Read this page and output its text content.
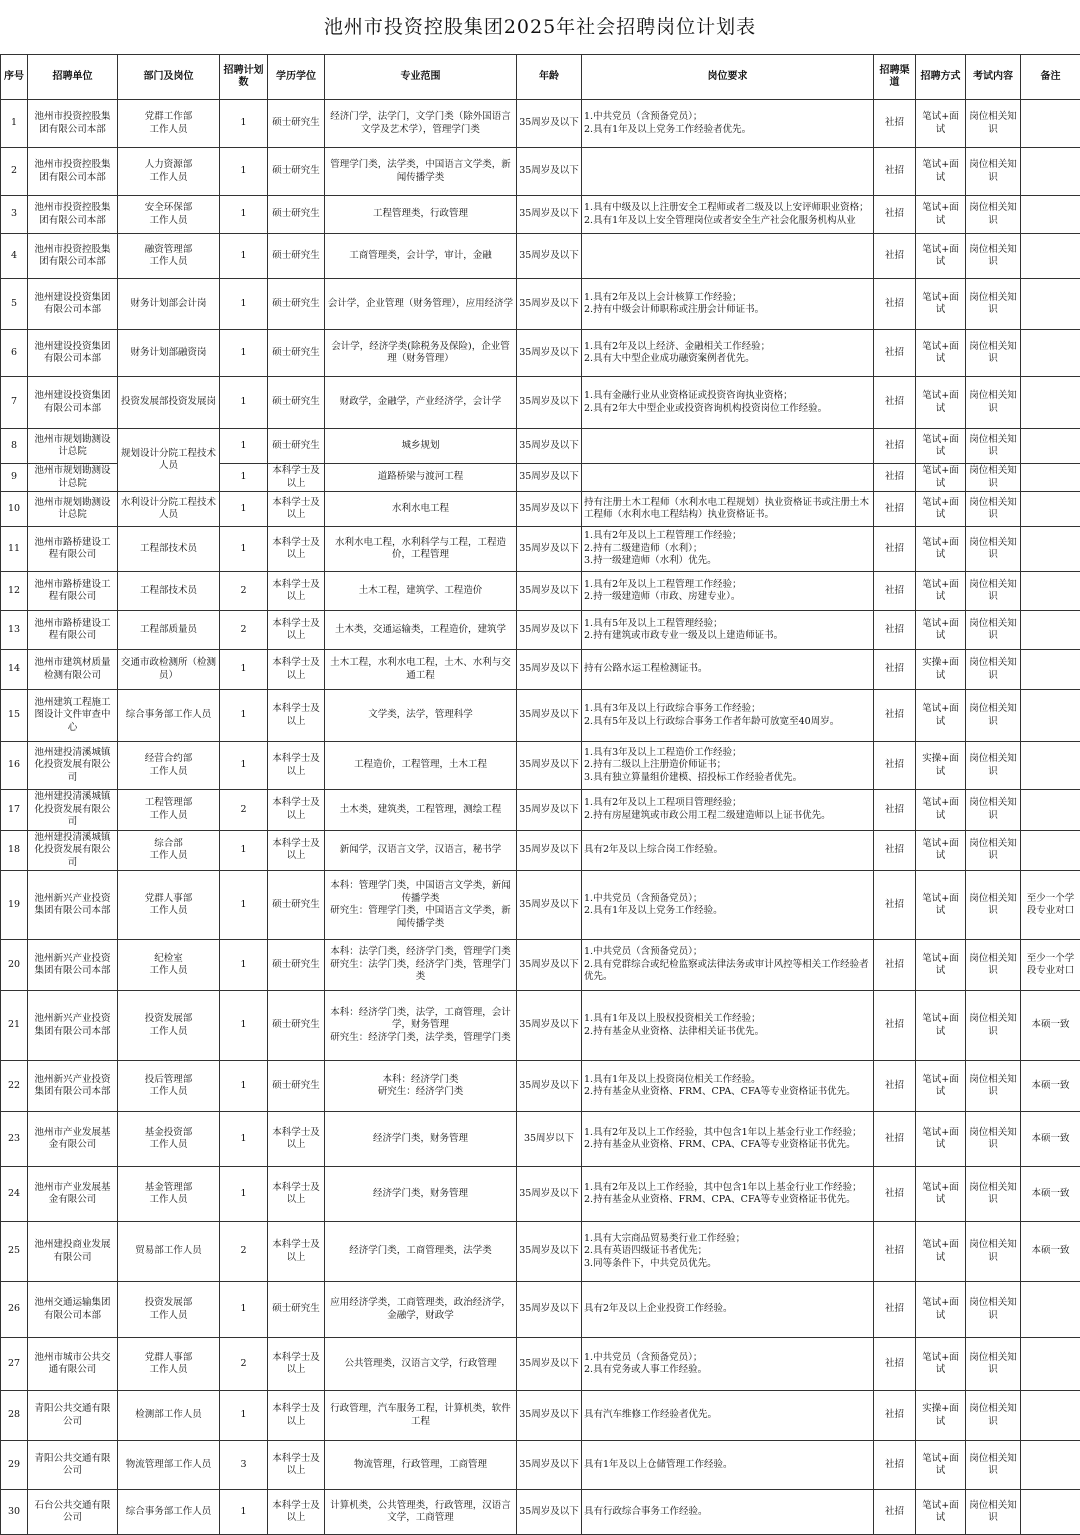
池州市投资控股集团2025年社会招聘岗位计划表
序号	招聘单位	部门及岗位	招聘计划数	学历学位	专业范围	年龄	岗位要求	招聘渠道	招聘方式	考试内容	备注
1	池州市投资控股集团有限公司本部	党群工作部
工作人员	1	硕士研究生	经济门学，法学门，文学门类（除外国语言文学及艺术学），管理学门类	35周岁及以下	1.中共党员（含预备党员）；
2.具有1年及以上党务工作经验者优先。	社招	笔试+面试	岗位相关知识	
2	池州市投资控股集团有限公司本部	人力资源部
工作人员	1	硕士研究生	管理学门类，法学类，中国语言文学类，新闻传播学类	35周岁及以下		社招	笔试+面试	岗位相关知识	
3	池州市投资控股集团有限公司本部	安全环保部
工作人员	1	硕士研究生	工程管理类，行政管理	35周岁及以下	1.具有中级及以上注册安全工程师或者二级及以上安评师职业资格；
2.具有1年及以上安全管理岗位或者安全生产社会化服务机构从业	社招	笔试+面试	岗位相关知识	
4	池州市投资控股集团有限公司本部	融资管理部
工作人员	1	硕士研究生	工商管理类，会计学，审计，金融	35周岁及以下		社招	笔试+面试	岗位相关知识	
5	池州建设投资集团有限公司本部	财务计划部会计岗	1	硕士研究生	会计学，企业管理（财务管理），应用经济学	35周岁及以下	1.具有2年及以上会计核算工作经验；
2.持有中级会计师职称或注册会计师证书。	社招	笔试+面试	岗位相关知识	
6	池州建设投资集团有限公司本部	财务计划部融资岗	1	硕士研究生	会计学，经济学类(除税务及保险)，企业管理（财务管理）	35周岁及以下	1.具有2年及以上经济、金融相关工作经验；
2.具有大中型企业成功融资案例者优先。	社招	笔试+面试	岗位相关知识	
7	池州建设投资集团有限公司本部	投资发展部投资发展岗	1	硕士研究生	财政学，金融学，产业经济学，会计学	35周岁及以下	1.具有金融行业从业资格证或投资咨询执业资格；
2.具有2年大中型企业或投资咨询机构投资岗位工作经验。	社招	笔试+面试	岗位相关知识	
8	池州市规划勘测设计总院	规划设计分院工程技术人员	1	硕士研究生	城乡规划	35周岁及以下		社招	笔试+面试	岗位相关知识	
9	池州市规划勘测设计总院		1	本科学士及以上	道路桥梁与渡河工程	35周岁及以下		社招	笔试+面试	岗位相关知识	
10	池州市规划勘测设计总院	水利设计分院工程技术人员	1	本科学士及以上	水利水电工程	35周岁及以下	持有注册土木工程师（水利水电工程规划）执业资格证书或注册土木工程师（水利水电工程结构）执业资格证书。	社招	笔试+面试	岗位相关知识	
11	池州市路桥建设工程有限公司	工程部技术员	1	本科学士及以上	水利水电工程，水利科学与工程，工程造价，工程管理	35周岁及以下	1.具有2年及以上工程管理工作经验；
2.持有二级建造师（水利）；
3.持一级建造师（水利）优先。	社招	笔试+面试	岗位相关知识	
12	池州市路桥建设工程有限公司	工程部技术员	2	本科学士及以上	土木工程，建筑学、工程造价	35周岁及以下	1.具有2年及以上工程管理工作经验；
2.持一级建造师（市政、房建专业）。	社招	笔试+面试	岗位相关知识	
13	池州市路桥建设工程有限公司	工程部质量员	2	本科学士及以上	土木类，交通运输类，工程造价，建筑学	35周岁及以下	1.具有5年及以上工程管理经验；
2.持有建筑或市政专业一级及以上建造师证书。	社招	笔试+面试	岗位相关知识	
14	池州市建筑材质量检测有限公司	交通市政检测所（检测员）	1	本科学士及以上	土木工程，水利水电工程，土木、水利与交通工程	35周岁及以下	持有公路水运工程检测证书。	社招	实操+面试	岗位相关知识	
15	池州建筑工程施工图设计文件审查中心	综合事务部工作人员	1	本科学士及以上	文学类，法学，管理科学	35周岁及以下	1.具有3年及以上行政综合事务工作经验；
2.具有5年及以上行政综合事务工作者年龄可放宽至40周岁。	社招	笔试+面试	岗位相关知识	
16	池州建投清溪城镇化投资发展有限公司	经营合约部
工作人员	1	本科学士及以上	工程造价，工程管理，土木工程	35周岁及以下	1.具有3年及以上工程造价工作经验；
2.持有二级以上注册造价师证书；
3.具有独立算量组价建模、招投标工作经验者优先。	社招	实操+面试	岗位相关知识	
17	池州建投清溪城镇化投资发展有限公司	工程管理部
工作人员	2	本科学士及以上	土木类，建筑类，工程管理，测绘工程	35周岁及以下	1.具有2年及以上工程项目管理经验；
2.持有房屋建筑或市政公用工程二级建造师以上证书优先。	社招	笔试+面试	岗位相关知识	
18	池州建投清溪城镇化投资发展有限公司	综合部
工作人员	1	本科学士及以上	新闻学，汉语言文学，汉语言，秘书学	35周岁及以下	具有2年及以上综合岗工作经验。	社招	笔试+面试	岗位相关知识	
19	池州新兴产业投资集团有限公司本部	党群人事部
工作人员	1	硕士研究生	本科：管理学门类，中国语言文学类，新闻传播学类
研究生：管理学门类，中国语言文学类，新闻传播学类	35周岁及以下	1.中共党员（含预备党员）；
2.具有1年及以上党务工作经验。	社招	笔试+面试	岗位相关知识	至少一个学段专业对口
20	池州新兴产业投资集团有限公司本部	纪检室
工作人员	1	硕士研究生	本科：法学门类，经济学门类，管理学门类
研究生：法学门类，经济学门类，管理学门类	35周岁及以下	1.中共党员（含预备党员）；
2.具有党群综合或纪检监察或法律法务或审计风控等相关工作经验者优先。	社招	笔试+面试	岗位相关知识	至少一个学段专业对口
21	池州新兴产业投资集团有限公司本部	投资发展部
工作人员	1	硕士研究生	本科：经济学门类，法学，工商管理，会计学，财务管理
研究生：经济学门类，法学类，管理学门类	35周岁及以下	1.具有1年及以上股权投资相关工作经验；
2.持有基金从业资格、法律相关证书优先。	社招	笔试+面试	岗位相关知识	本硕一致
22	池州新兴产业投资集团有限公司本部	投后管理部
工作人员	1	硕士研究生	本科：经济学门类
研究生：经济学门类	35周岁及以下	1.具有1年及以上投资岗位相关工作经验。
2.持有基金从业资格、FRM、CPA、CFA等专业资格证书优先。	社招	笔试+面试	岗位相关知识	本硕一致
23	池州市产业发展基金有限公司	基金投资部
工作人员	1	本科学士及以上	经济学门类，财务管理	35周岁以下	1.具有2年及以上工作经验，其中包含1年以上基金行业工作经验；
2.持有基金从业资格、FRM、CPA、CFA等专业资格证书优先。	社招	笔试+面试	岗位相关知识	本硕一致
24	池州市产业发展基金有限公司	基金管理部
工作人员	1	本科学士及以上	经济学门类，财务管理	35周岁及以下	1.具有2年及以上工作经验，其中包含1年以上基金行业工作经验；
2.持有基金从业资格、FRM、CPA、CFA等专业资格证书优先。	社招	笔试+面试	岗位相关知识	本硕一致
25	池州建投商业发展有限公司	贸易部工作人员	2	本科学士及以上	经济学门类，工商管理类，法学类	35周岁及以下	1.具有大宗商品贸易类行业工作经验；
2.具有英语四级证书者优先；
3.同等条件下，中共党员优先。	社招	笔试+面试	岗位相关知识	本硕一致
26	池州交通运输集团有限公司本部	投资发展部
工作人员	1	硕士研究生	应用经济学类，工商管理类，政治经济学，金融学，财政学	35周岁及以下	具有2年及以上企业投资工作经验。	社招	笔试+面试	岗位相关知识	
27	池州市城市公共交通有限公司	党群人事部
工作人员	2	本科学士及以上	公共管理类，汉语言文学，行政管理	35周岁及以下	1.中共党员（含预备党员）；
2.具有党务或人事工作经验。	社招	笔试+面试	岗位相关知识	
28	青阳公共交通有限公司	检测部工作人员	1	本科学士及以上	行政管理，汽车服务工程，计算机类，软件工程	35周岁及以下	具有汽车维修工作经验者优先。	社招	实操+面试	岗位相关知识	
29	青阳公共交通有限公司	物流管理部工作人员	3	本科学士及以上	物流管理，行政管理，工商管理	35周岁及以下	具有1年及以上仓储管理工作经验。	社招	笔试+面试	岗位相关知识	
30	石台公共交通有限公司	综合事务部工作人员	1	本科学士及以上	计算机类，公共管理类，行政管理，汉语言文学，工商管理	35周岁及以下	具有行政综合事务工作经验。	社招	笔试+面试	岗位相关知识	
